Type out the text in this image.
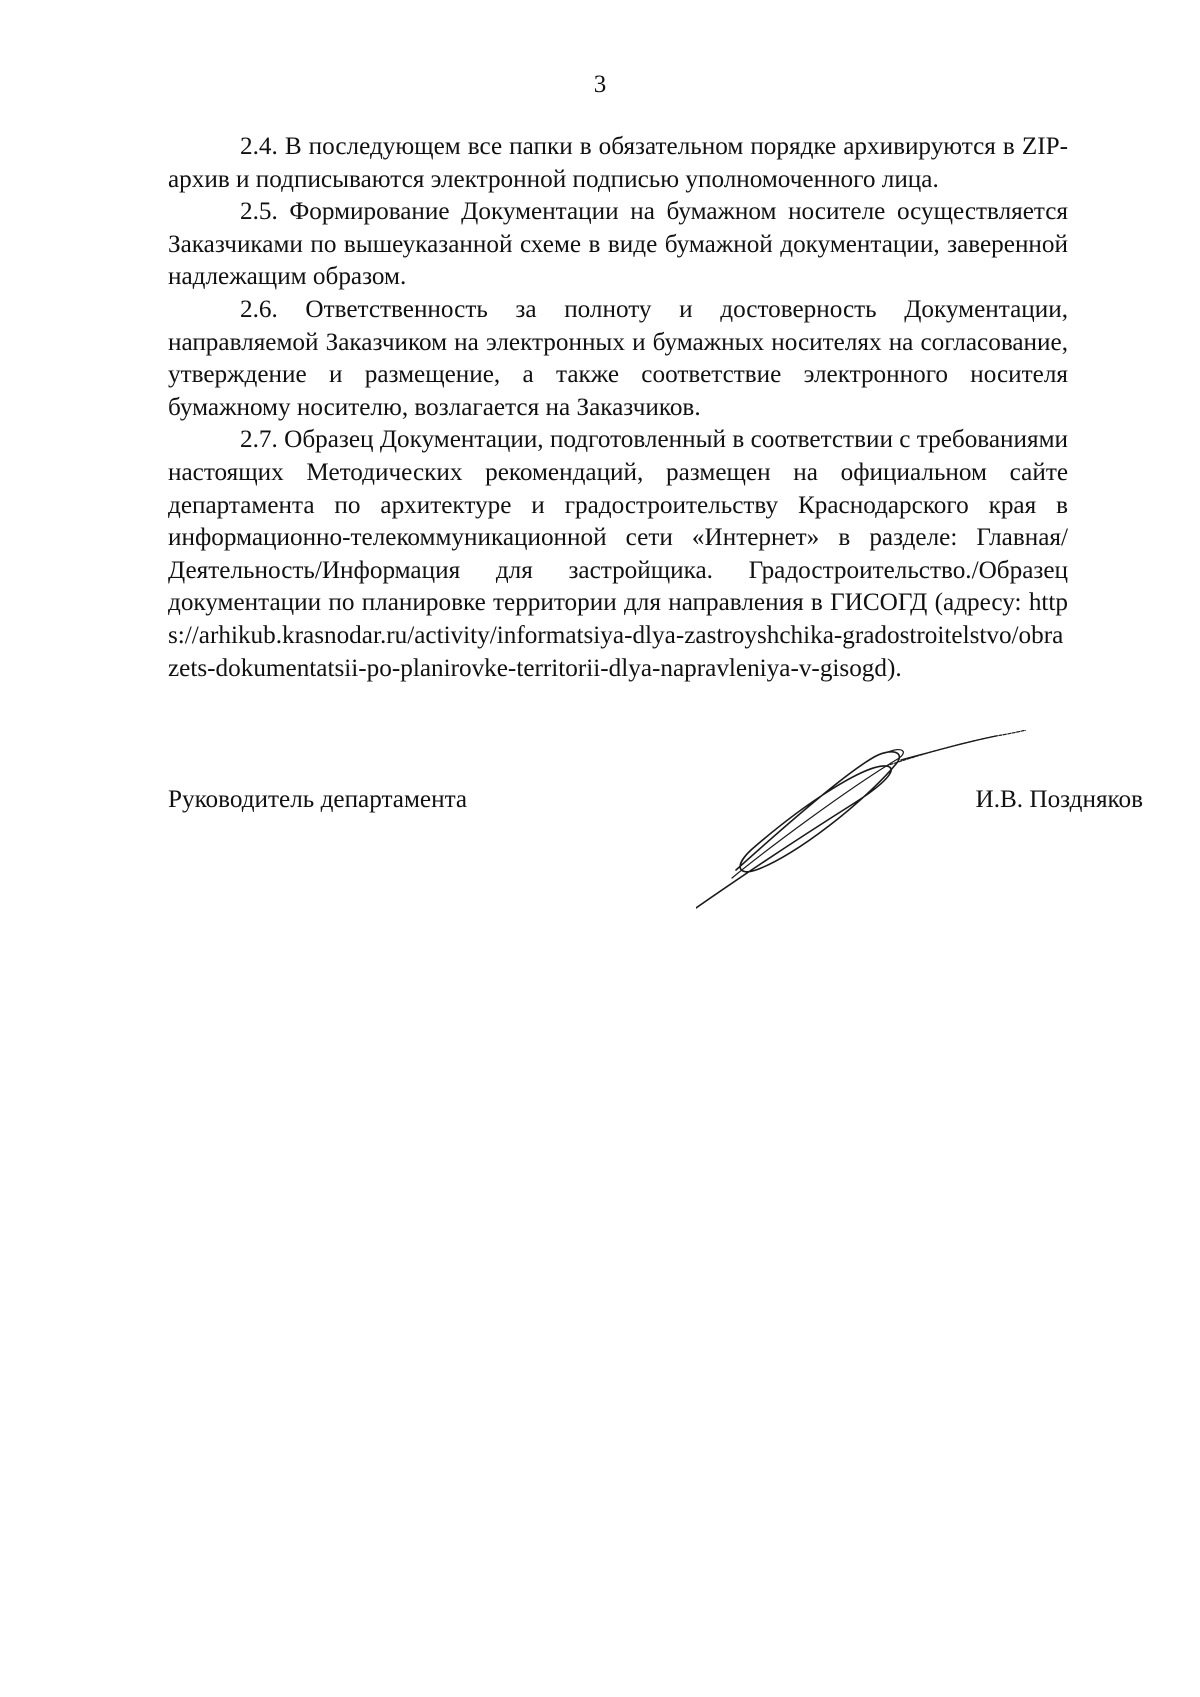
3

2.4. В последующем все папки в обязательном порядке архивируются в ZIP-архив и подписываются электронной подписью уполномоченного лица.

2.5. Формирование Документации на бумажном носителе осуществляется Заказчиками по вышеуказанной схеме в виде бумажной документации, заверенной надлежащим образом.

2.6. Ответственность за полноту и достоверность Документации, направляемой Заказчиком на электронных и бумажных носителях на согласование, утверждение и размещение, а также соответствие электронного носителя бумажному носителю, возлагается на Заказчиков.

2.7. Образец Документации, подготовленный в соответствии с требованиями настоящих Методических рекомендаций, размещен на официальном сайте департамента по архитектуре и градостроительству Краснодарского края в информационно-телекоммуникационной сети «Интернет» в разделе: Главная/Деятельность/Информация для застройщика. Градостроительство./Образец документации по планировке территории для направления в ГИСОГД (адресу: https://arhikub.krasnodar.ru/activity/informatsiya-dlya-zastroyshchika-gradostroitelstvo/obrazets-dokumentatsii-po-planirovke-territorii-dlya-napravleniya-v-gisogd).

Руководитель департамента	И.В. Поздняков
